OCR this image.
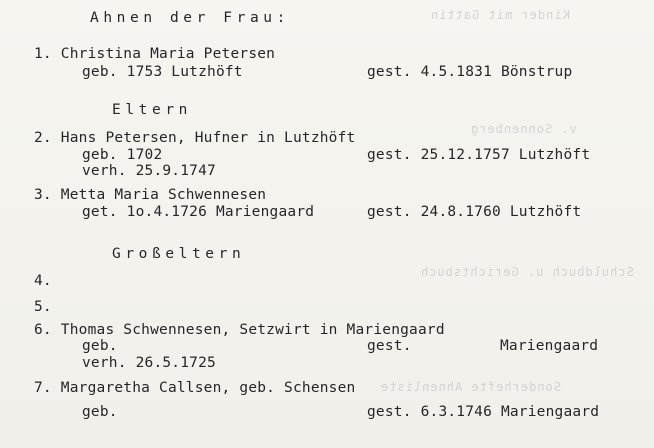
Kinder mit Gattin
v. Sonnenberg
Schuldbuch u. Gerichtsbuch
Sonderhefte Ahnenliste
Ahnen der Frau:
1. Christina Maria Petersen
geb. 1753 Lutzhöft	gest. 4.5.1831 Bönstrup
Eltern
2. Hans Petersen, Hufner in Lutzhöft
geb. 1702	gest. 25.12.1757 Lutzhöft
verh. 25.9.1747
3. Metta Maria Schwennesen
get. 1o.4.1726 Mariengaard	gest. 24.8.1760 Lutzhöft
Großeltern
4.
5.
6. Thomas Schwennesen, Setzwirt in Mariengaard
geb.	gest.	Mariengaard
verh. 26.5.1725
7. Margaretha Callsen, geb. Schensen
geb.	gest. 6.3.1746 Mariengaard
